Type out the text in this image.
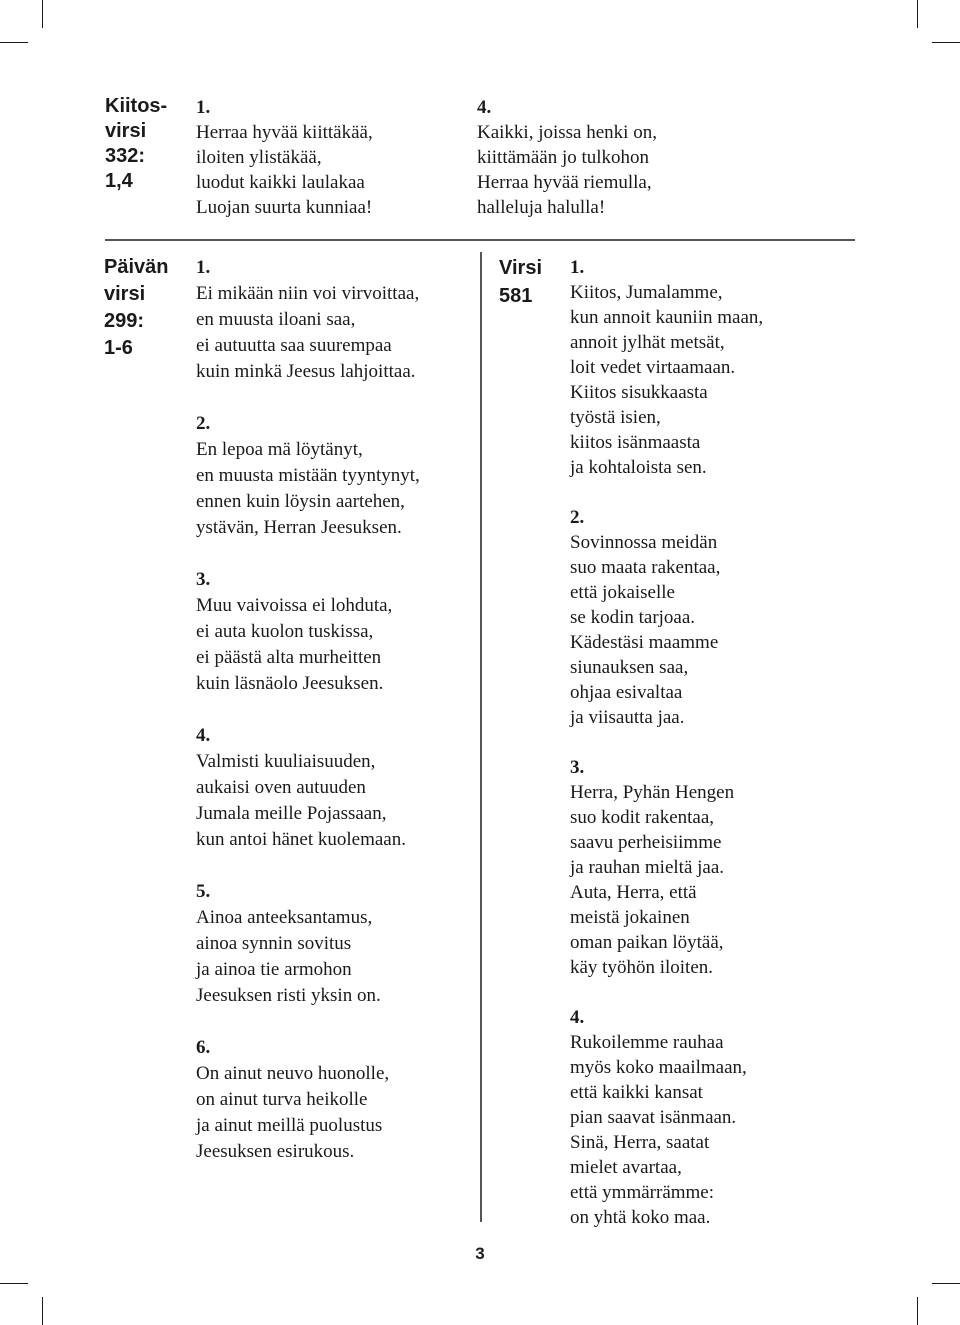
Kiitos-
virsi
332:
1,4
1.
Herraa hyvää kiittäkää,
iloiten ylistäkää,
luodut kaikki laulakaa
Luojan suurta kunniaa!
4.
Kaikki, joissa henki on,
kiittämään jo tulkohon
Herraa hyvää riemulla,
halleluja halulla!
Päivän
virsi
299:
1-6
1.
Ei mikään niin voi virvoittaa,
en muusta iloani saa,
ei autuutta saa suurempaa
kuin minkä Jeesus lahjoittaa.
2.
En lepoa mä löytänyt,
en muusta mistään tyyntynyt,
ennen kuin löysin aartehen,
ystävän, Herran Jeesuksen.
3.
Muu vaivoissa ei lohduta,
ei auta kuolon tuskissa,
ei päästä alta murheitten
kuin läsnäolo Jeesuksen.
4.
Valmisti kuuliaisuuden,
aukaisi oven autuuden
Jumala meille Pojassaan,
kun antoi hänet kuolemaan.
5.
Ainoa anteeksantamus,
ainoa synnin sovitus
ja ainoa tie armohon
Jeesuksen risti yksin on.
6.
On ainut neuvo huonolle,
on ainut turva heikolle
ja ainut meillä puolustus
Jeesuksen esirukous.
Virsi
581
1.
Kiitos, Jumalamme,
kun annoit kauniin maan,
annoit jylhät metsät,
loit vedet virtaamaan.
Kiitos sisukkaasta
työstä isien,
kiitos isänmaasta
ja kohtaloista sen.
2.
Sovinnossa meidän
suo maata rakentaa,
että jokaiselle
se kodin tarjoaa.
Kädestäsi maamme
siunauksen saa,
ohjaa esivaltaa
ja viisautta jaa.
3.
Herra, Pyhän Hengen
suo kodit rakentaa,
saavu perheisiimme
ja rauhan mieltä jaa.
Auta, Herra, että
meistä jokainen
oman paikan löytää,
käy työhön iloiten.
4.
Rukoilemme rauhaa
myös koko maailmaan,
että kaikki kansat
pian saavat isänmaan.
Sinä, Herra, saatat
mielet avartaa,
että ymmärrämme:
on yhtä koko maa.
3
